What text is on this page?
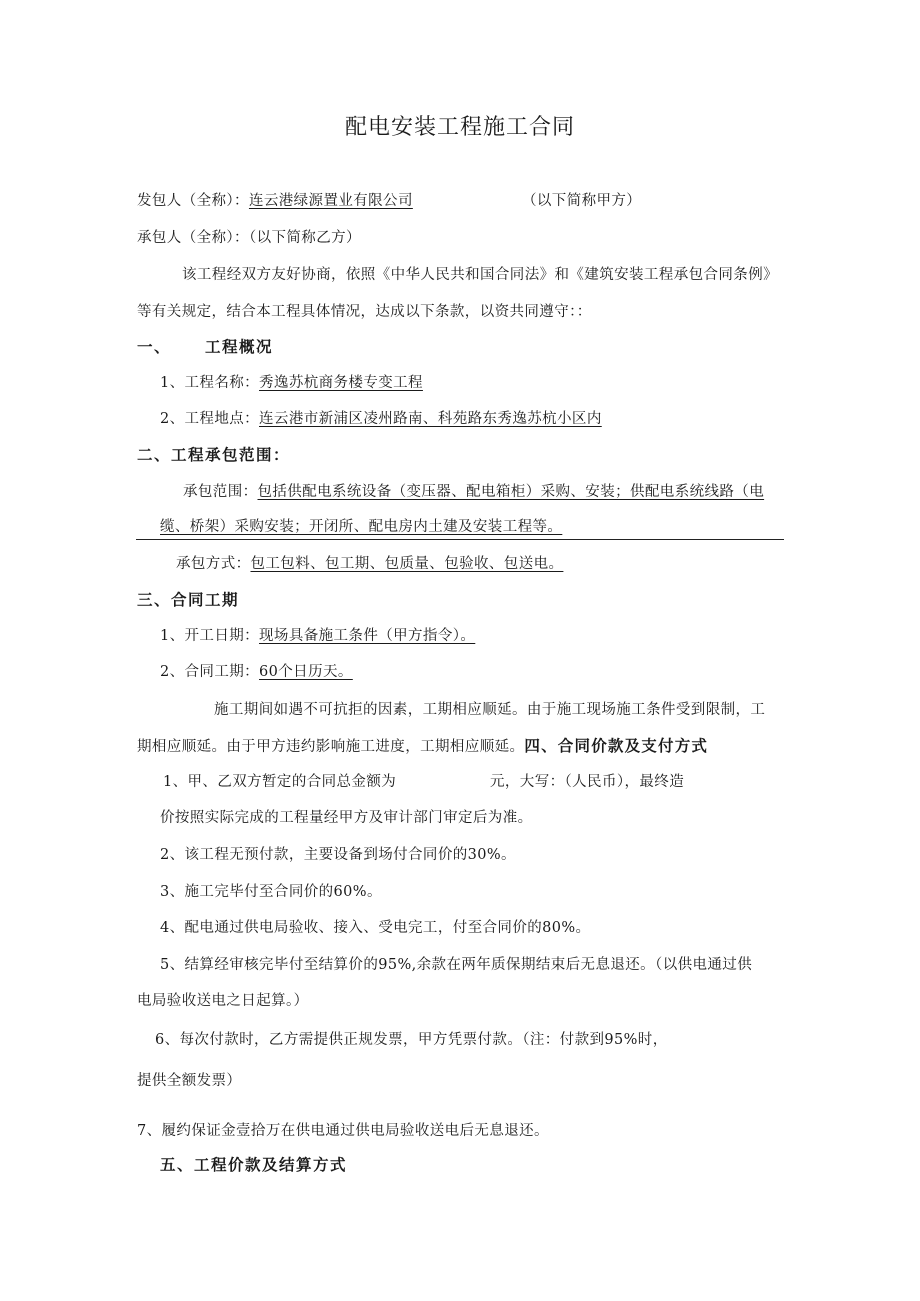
配电安装工程施工合同
发包人（全称）：连云港绿源置业有限公司	（以下简称甲方）
承包人（全称）：（以下简称乙方）
该工程经双方友好协商，依照《中华人民共和国合同法》和《建筑安装工程承包合同条例》
等有关规定，结合本工程具体情况，达成以下条款，以资共同遵守：：
一、 工程概况
1、工程名称：秀逸苏杭商务楼专变工程
2、工程地点：连云港市新浦区凌州路南、科苑路东秀逸苏杭小区内
二、工程承包范围：
承包范围：包括供配电系统设备（变压器、配电箱柜）采购、安装；供配电系统线路（电
缆、桥架）采购安装；开闭所、配电房内土建及安装工程等。
承包方式：包工包料、包工期、包质量、包验收、包送电。
三、合同工期
1、开工日期：现场具备施工条件（甲方指令）。
2、合同工期：60个日历天。
施工期间如遇不可抗拒的因素，工期相应顺延。由于施工现场施工条件受到限制，工
期相应顺延。由于甲方违约影响施工进度，工期相应顺延。四、合同价款及支付方式
1、甲、乙双方暂定的合同总金额为	元，大写：（人民币），最终造
价按照实际完成的工程量经甲方及审计部门审定后为准。
2、该工程无预付款，主要设备到场付合同价的30%。
3、施工完毕付至合同价的60%。
4、配电通过供电局验收、接入、受电完工，付至合同价的80%。
5、结算经审核完毕付至结算价的95%,余款在两年质保期结束后无息退还。（以供电通过供
电局验收送电之日起算。）
6、每次付款时，乙方需提供正规发票，甲方凭票付款。（注：付款到95%时，
提供全额发票）
7、履约保证金壹拾万在供电通过供电局验收送电后无息退还。
五、工程价款及结算方式
